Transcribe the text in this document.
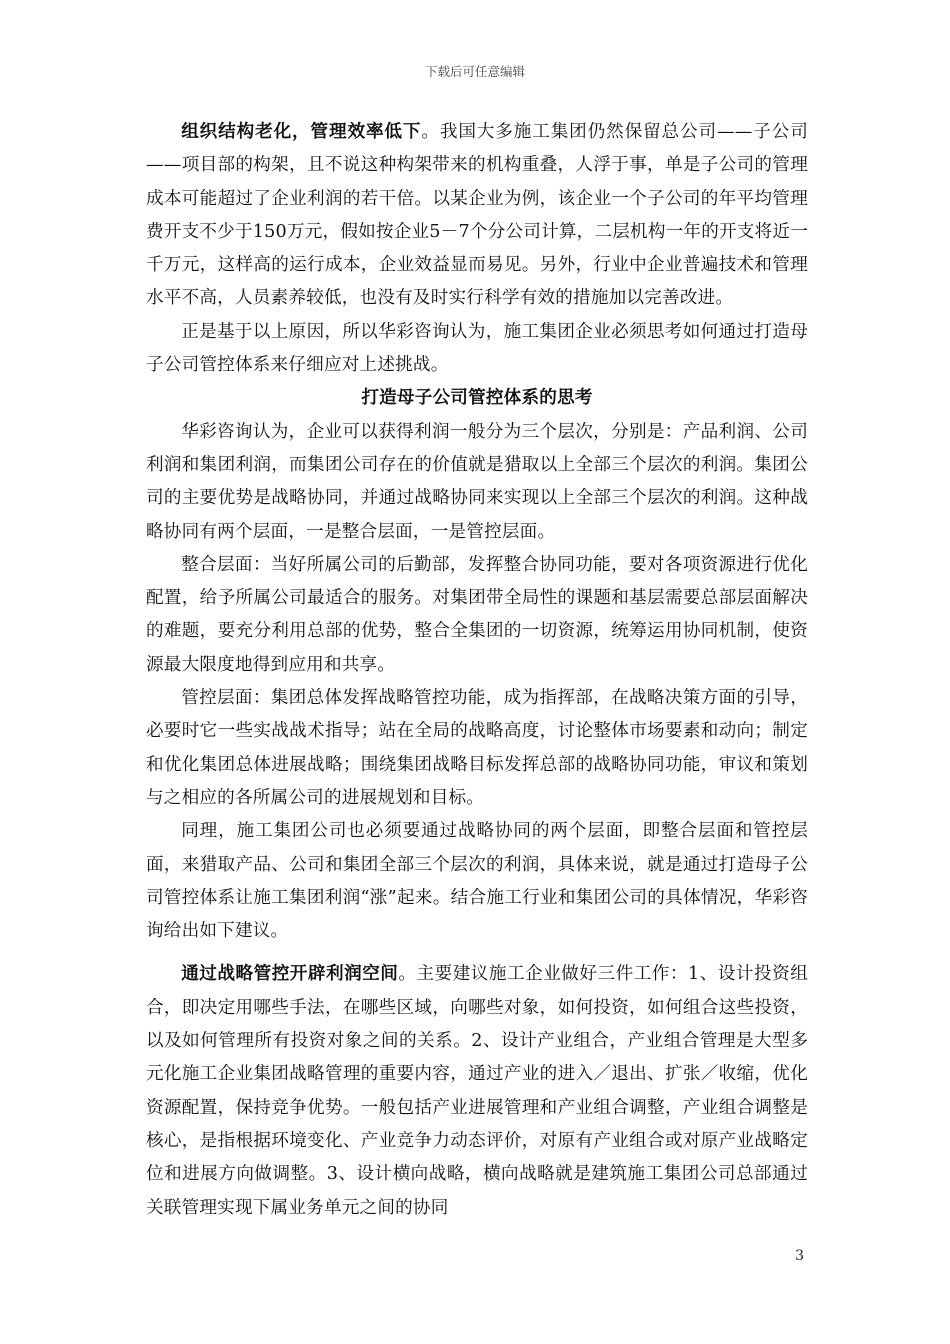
下载后可任意编辑

组织结构老化，管理效率低下。我国大多施工集团仍然保留总公司——子公司——项目部的构架，且不说这种构架带来的机构重叠，人浮于事，单是子公司的管理成本可能超过了企业利润的若干倍。以某企业为例，该企业一个子公司的年平均管理费开支不少于150万元，假如按企业5－7个分公司计算，二层机构一年的开支将近一千万元，这样高的运行成本，企业效益显而易见。另外，行业中企业普遍技术和管理水平不高，人员素养较低，也没有及时实行科学有效的措施加以完善改进。

正是基于以上原因，所以华彩咨询认为，施工集团企业必须思考如何通过打造母子公司管控体系来仔细应对上述挑战。

打造母子公司管控体系的思考

华彩咨询认为，企业可以获得利润一般分为三个层次，分别是：产品利润、公司利润和集团利润，而集团公司存在的价值就是猎取以上全部三个层次的利润。集团公司的主要优势是战略协同，并通过战略协同来实现以上全部三个层次的利润。这种战略协同有两个层面，一是整合层面，一是管控层面。

整合层面：当好所属公司的后勤部，发挥整合协同功能，要对各项资源进行优化配置，给予所属公司最适合的服务。对集团带全局性的课题和基层需要总部层面解决的难题，要充分利用总部的优势，整合全集团的一切资源，统筹运用协同机制，使资源最大限度地得到应用和共享。

管控层面：集团总体发挥战略管控功能，成为指挥部，在战略决策方面的引导，必要时它一些实战战术指导；站在全局的战略高度，讨论整体市场要素和动向；制定和优化集团总体进展战略；围绕集团战略目标发挥总部的战略协同功能，审议和策划与之相应的各所属公司的进展规划和目标。

同理，施工集团公司也必须要通过战略协同的两个层面，即整合层面和管控层面，来猎取产品、公司和集团全部三个层次的利润，具体来说，就是通过打造母子公司管控体系让施工集团利润“涨”起来。结合施工行业和集团公司的具体情况，华彩咨询给出如下建议。

通过战略管控开辟利润空间。主要建议施工企业做好三件工作：1、设计投资组合，即决定用哪些手法，在哪些区域，向哪些对象，如何投资，如何组合这些投资，以及如何管理所有投资对象之间的关系。2、设计产业组合，产业组合管理是大型多元化施工企业集团战略管理的重要内容，通过产业的进入／退出、扩张／收缩，优化资源配置，保持竞争优势。一般包括产业进展管理和产业组合调整，产业组合调整是核心，是指根据环境变化、产业竞争力动态评价，对原有产业组合或对原产业战略定位和进展方向做调整。3、设计横向战略，横向战略就是建筑施工集团公司总部通过关联管理实现下属业务单元之间的协同

3
